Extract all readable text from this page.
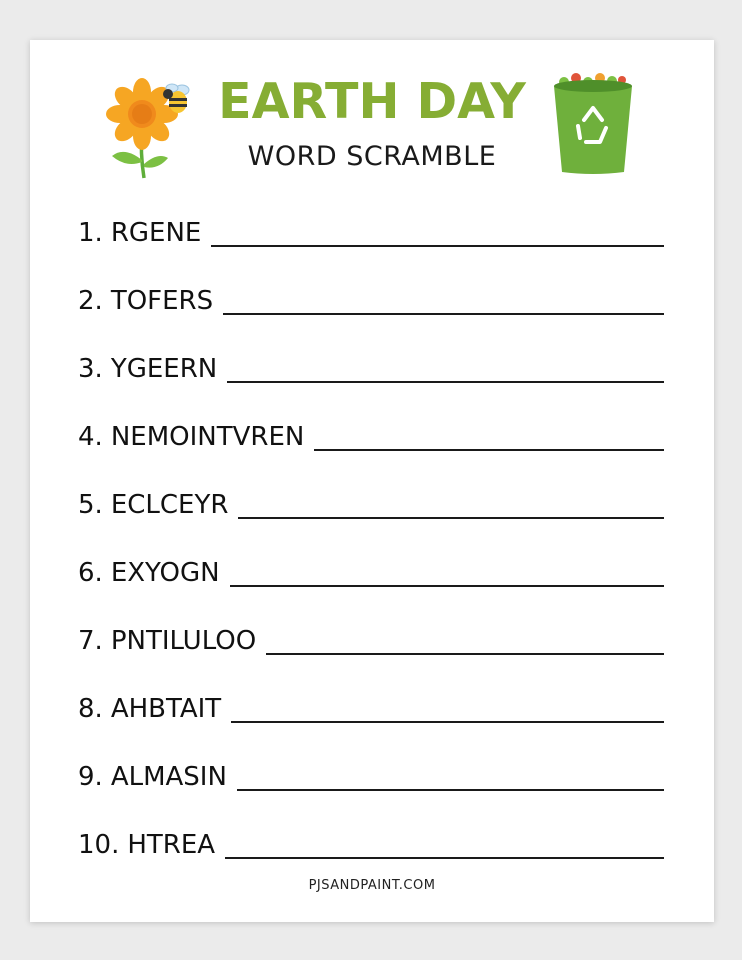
EARTH DAY
WORD SCRAMBLE
1. RGENE
2. TOFERS
3. YGEERN
4. NEMOINTVREN
5. ECLCEYR
6. EXYOGN
7. PNTILULOO
8. AHBTAIT
9. ALMASIN
10. HTREA
PJSANDPAINT.COM
